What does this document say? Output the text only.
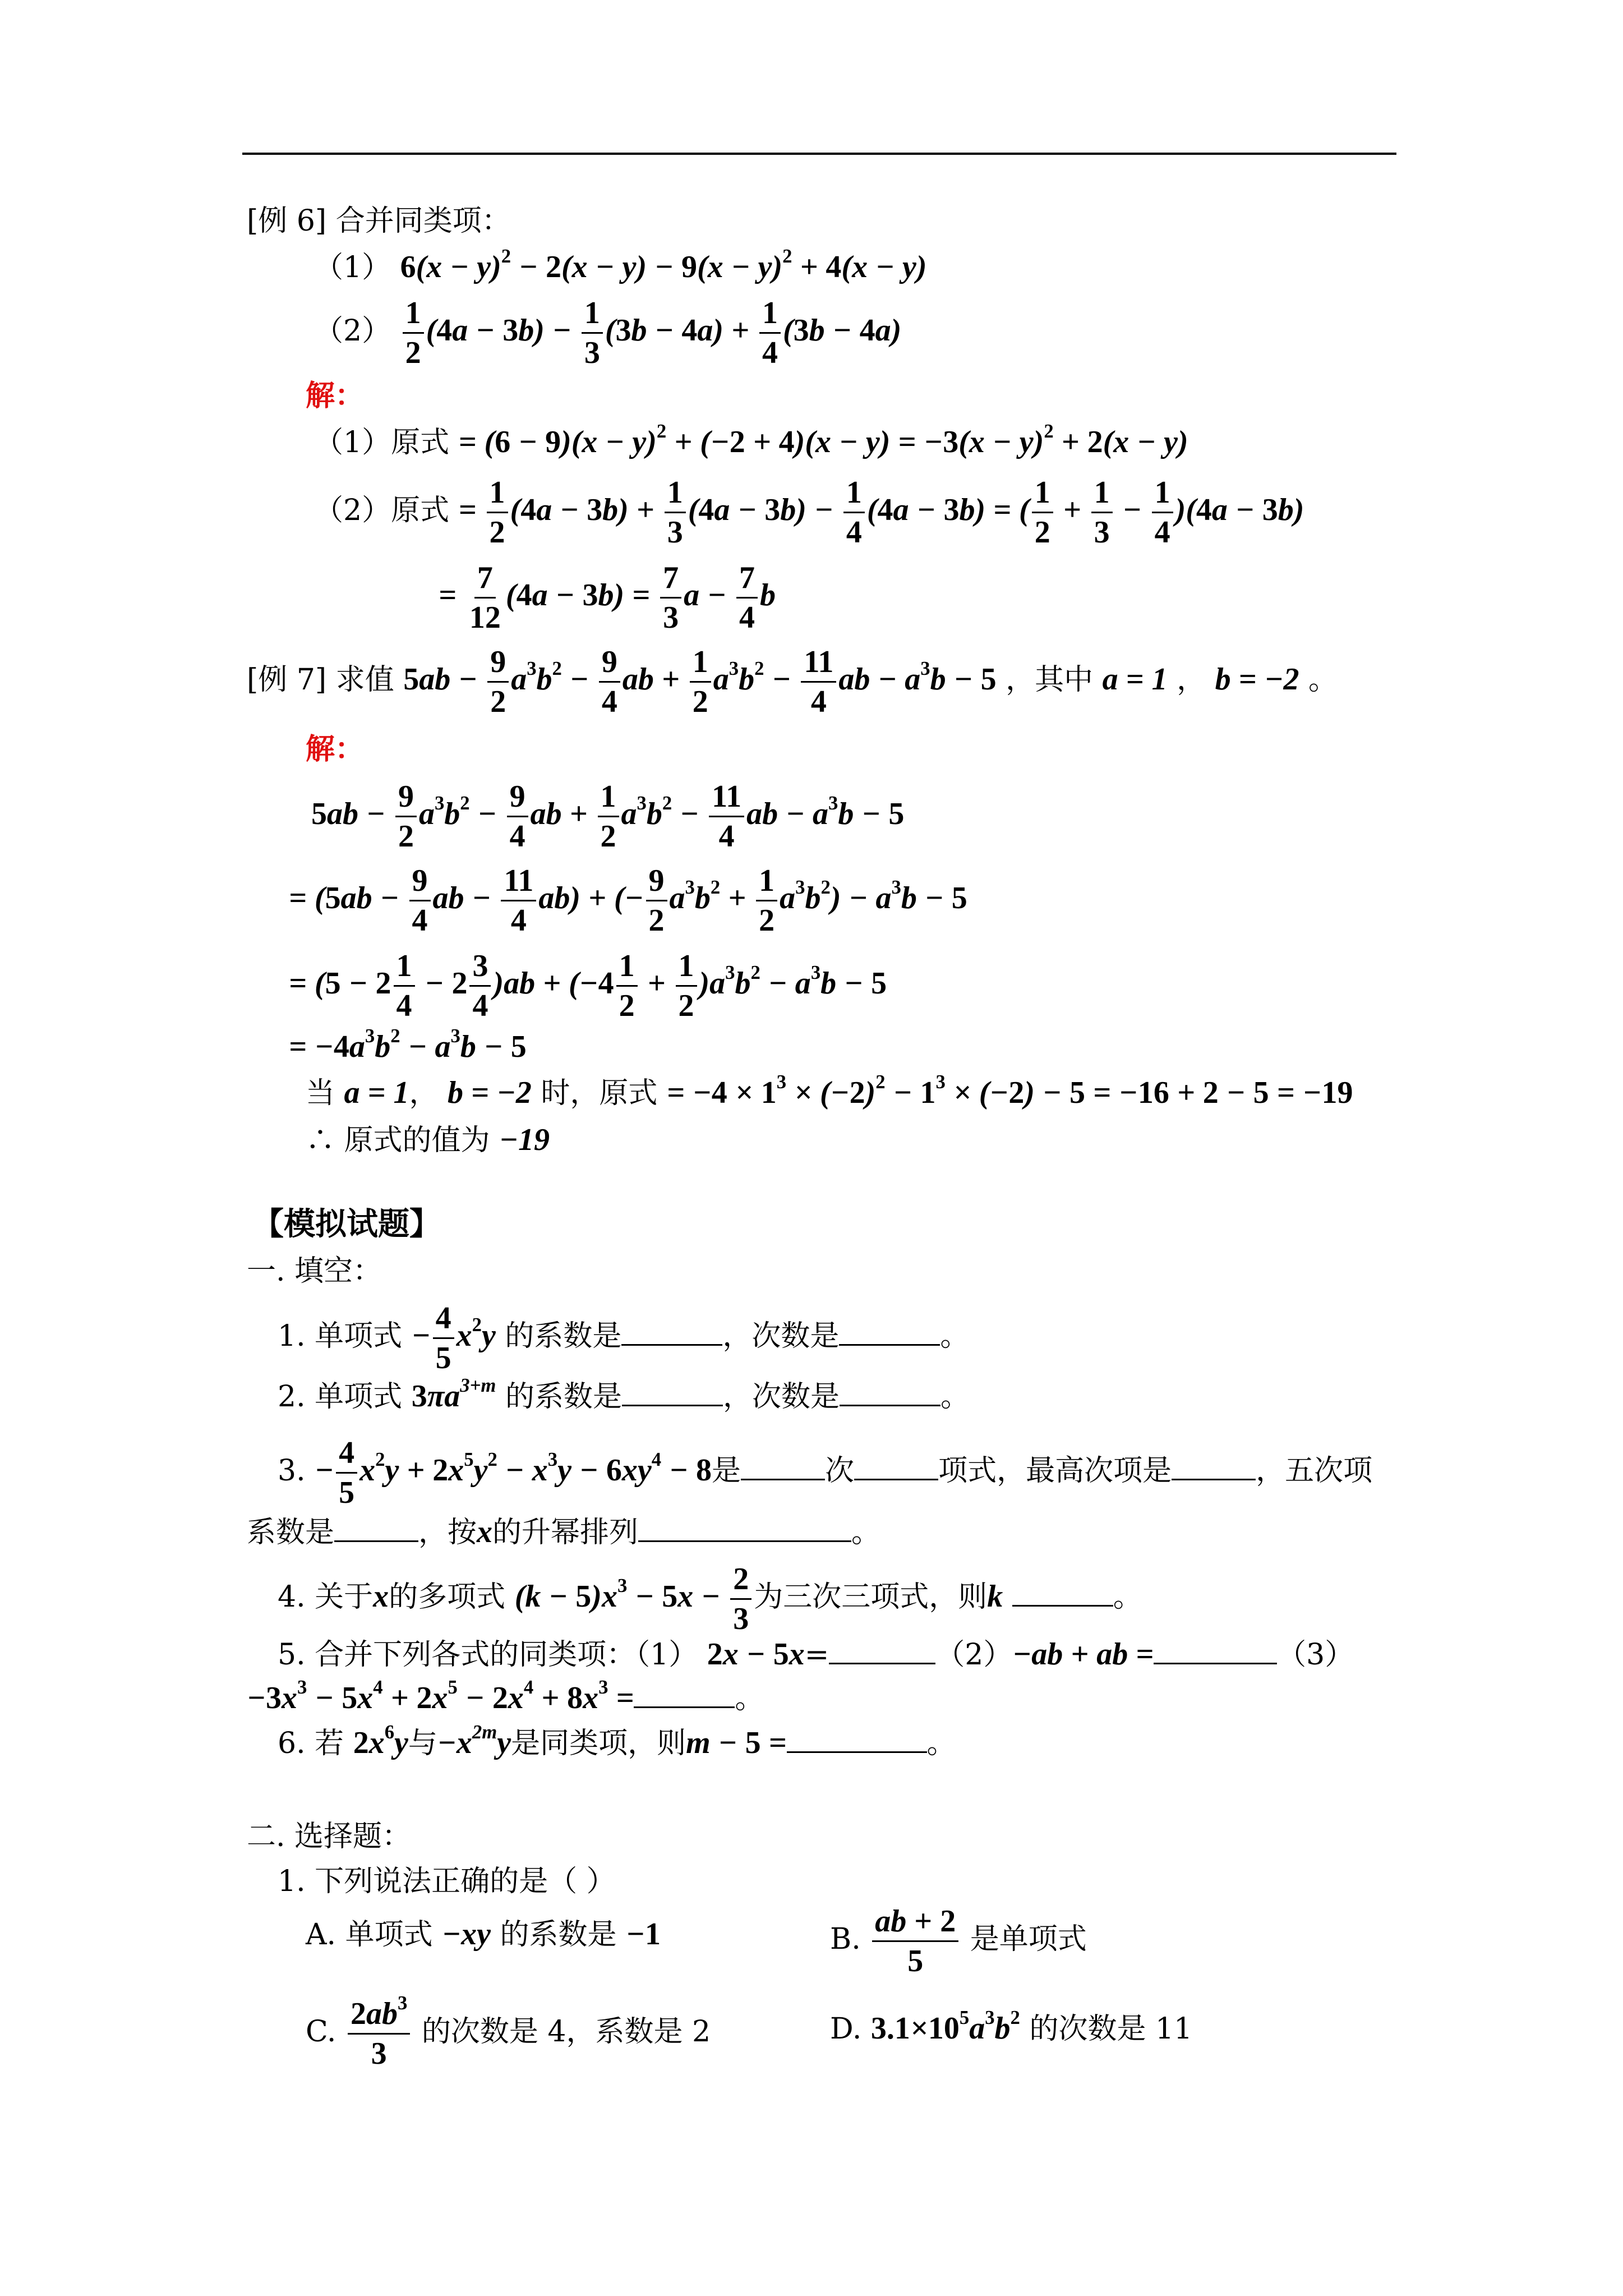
[例 6] 合并同类项：
（1） $6(x - y)^2 - 2(x - y) - 9(x - y)^2 + 4(x - y)$
$(2) \frac{1}{2} (4a - 3b) - \frac{1}{3} (3b - 4a) + \frac{1}{4} (3b - 4a)$
解：
（1）原式 = $(6 - 9)(x - y)^2 + (-2 + 4)(x - y) = -3(x - y)^2 + 2(x - y)$
（2）原式 = $\frac{1}{2} (4a - 3b) + \frac{1}{3} (4a - 3b) - \frac{1}{4} (4a - 3b)$ = ( $\frac{1}{2} + \frac{1}{3} - \frac{1}{4} )(4a - 3b)$
= $\frac{7}{12} (4a - 3b) = \frac{7}{3}$ $a - \frac{7}{4}$ b
[例 7] 求值 $5ab - \frac{9}{2} a^3b^2 - \frac{9}{4}$ ab + $\frac{1}{2} a^3b^2 - \frac{11}{4}$ ab − $a^3b - 5$ ，其中 a = 1 ， b = −2 。
解：
$5ab - \frac{9}{2} a^3b^2 - \frac{9}{4}$ ab + $\frac{1}{2} a^3b^2 - \frac{11}{4}$ ab − $a^3b - 5$
= ($5ab - \frac{9}{4}$ ab − $\frac{11}{4} ab$) + (− $\frac{9}{2} a^3b^2 + \frac{1}{2} a^3b^2) - a^3b - 5$
= $(5 - 2 \frac{1}{4} - 2 \frac{3}{4} )ab + (-4 \frac{1}{2} + \frac{1}{2} )a^3b^2 - a^3b - 5$
= $-4a^3b^2 - a^3b - 5$
当 a = 1， b = −2 时，原式 = $-4 \times 1^3 \times (-2)^2 - 1^3 \times (-2) - 5 = -16 + 2 - 5 = -19$
∴ 原式的值为 −19
【模拟试题】
一. 填空：
1. 单项式 − $\frac{4}{5} x^2y$ 的系数是	，次数是	。
2. 单项式 $3\pi a^{3+m}$ 的系数是	，次数是	。
3. − $\frac{4}{5} x^2y + 2x^5y^2 - x^3y - 6xy^4 - 8$是	次	项式，最高次项是	，五次项
系数是	，按x的升幂排列	。
4. 关于x的多项式 $(k - 5)x^3 - 5x - \frac{2}{3}$ 为三次三项式，则k	。
5. 合并下列各式的同类项：（1） 2x − 5x=	（2）−ab + ab =	（3）
$-3x^3 - 5x^4 + 2x^5 - 2x^4 + 8x^3$ =	。
6. 若 $2x^6y$与$-x^{2m}y$是同类项，则m − 5 =	。
二. 选择题：
1. 下列说法正确的是（ ）
A. 单项式 −xy 的系数是 −1	B. $\frac{ab + 2}{5}$ 是单项式
C. $\frac{2ab^3}{3}$ 的次数是 4，系数是 2	D. $3.1\times 10^5a^3b^2$ 的次数是 11
